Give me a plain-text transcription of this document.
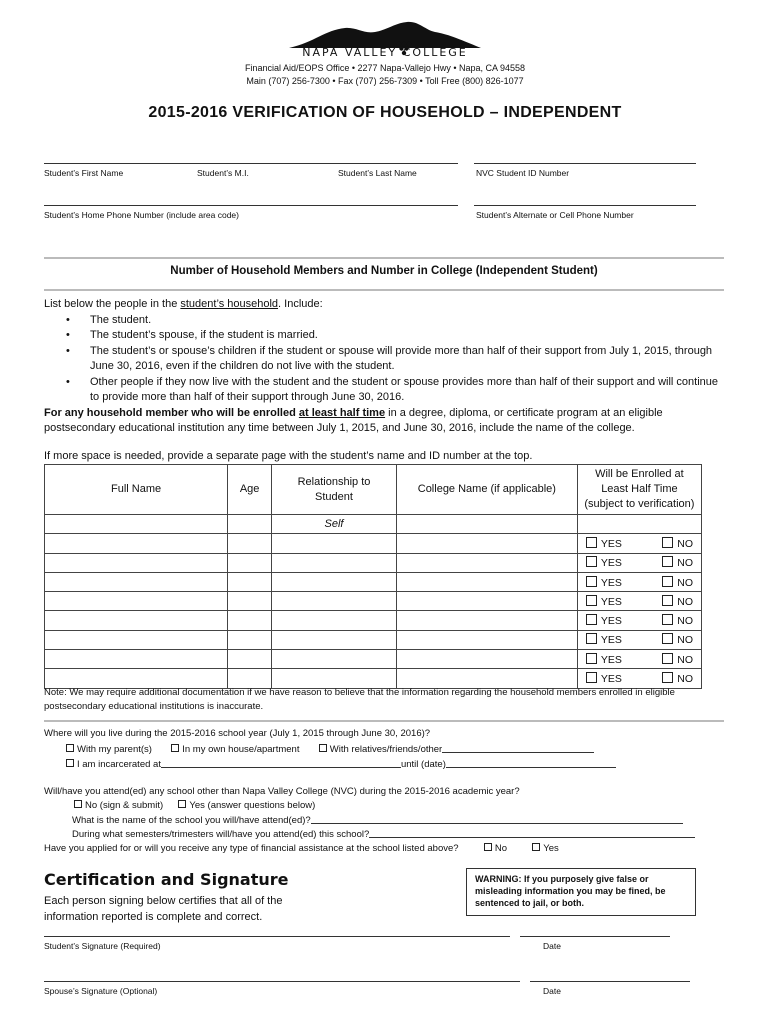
NAPA VALLEY COLLEGE
Financial Aid/EOPS Office • 2277 Napa-Vallejo Hwy • Napa, CA 94558
Main (707) 256-7300 • Fax (707) 256-7309 • Toll Free (800) 826-1077
2015-2016 VERIFICATION OF HOUSEHOLD – INDEPENDENT
Student’s First Name	Student’s M.I.	Student’s Last Name	NVC Student ID Number
Student’s Home Phone Number (include area code)	Student’s Alternate or Cell Phone Number
Number of Household Members and Number in College (Independent Student)
List below the people in the student’s household. Include:
• The student.
• The student’s spouse, if the student is married.
• The student’s or spouse’s children if the student or spouse will provide more than half of their support from July 1, 2015, through June 30, 2016, even if the children do not live with the student.
• Other people if they now live with the student and the student or spouse provides more than half of their support and will continue to provide more than half of their support through June 30, 2016.
For any household member who will be enrolled at least half time in a degree, diploma, or certificate program at an eligible postsecondary educational institution any time between July 1, 2015, and June 30, 2016, include the name of the college.
If more space is needed, provide a separate page with the student’s name and ID number at the top.
Full Name	Age	Relationship to Student	College Name (if applicable)	Will be Enrolled at Least Half Time (subject to verification)
		Self		

				YES NO

				YES NO

				YES NO

				YES NO

				YES NO

				YES NO

				YES NO

				YES NO
Note: We may require additional documentation if we have reason to believe that the information regarding the household members enrolled in eligible postsecondary educational institutions is inaccurate.
Where will you live during the 2015-2016 school year (July 1, 2015 through June 30, 2016)?
With my parent(s)	In my own house/apartment	With relatives/friends/other
I am incarcerated at	until (date)
Will/have you attend(ed) any school other than Napa Valley College (NVC) during the 2015-2016 academic year?
No (sign & submit)	Yes (answer questions below)
What is the name of the school you will/have attend(ed)?
During what semesters/trimesters will/have you attend(ed) this school?
Have you applied for or will you receive any type of financial assistance at the school listed above?	No	Yes
Certification and Signature
Each person signing below certifies that all of the information reported is complete and correct.
WARNING: If you purposely give false or misleading information you may be fined, be sentenced to jail, or both.
Student’s Signature (Required)	Date
Spouse’s Signature (Optional)	Date
